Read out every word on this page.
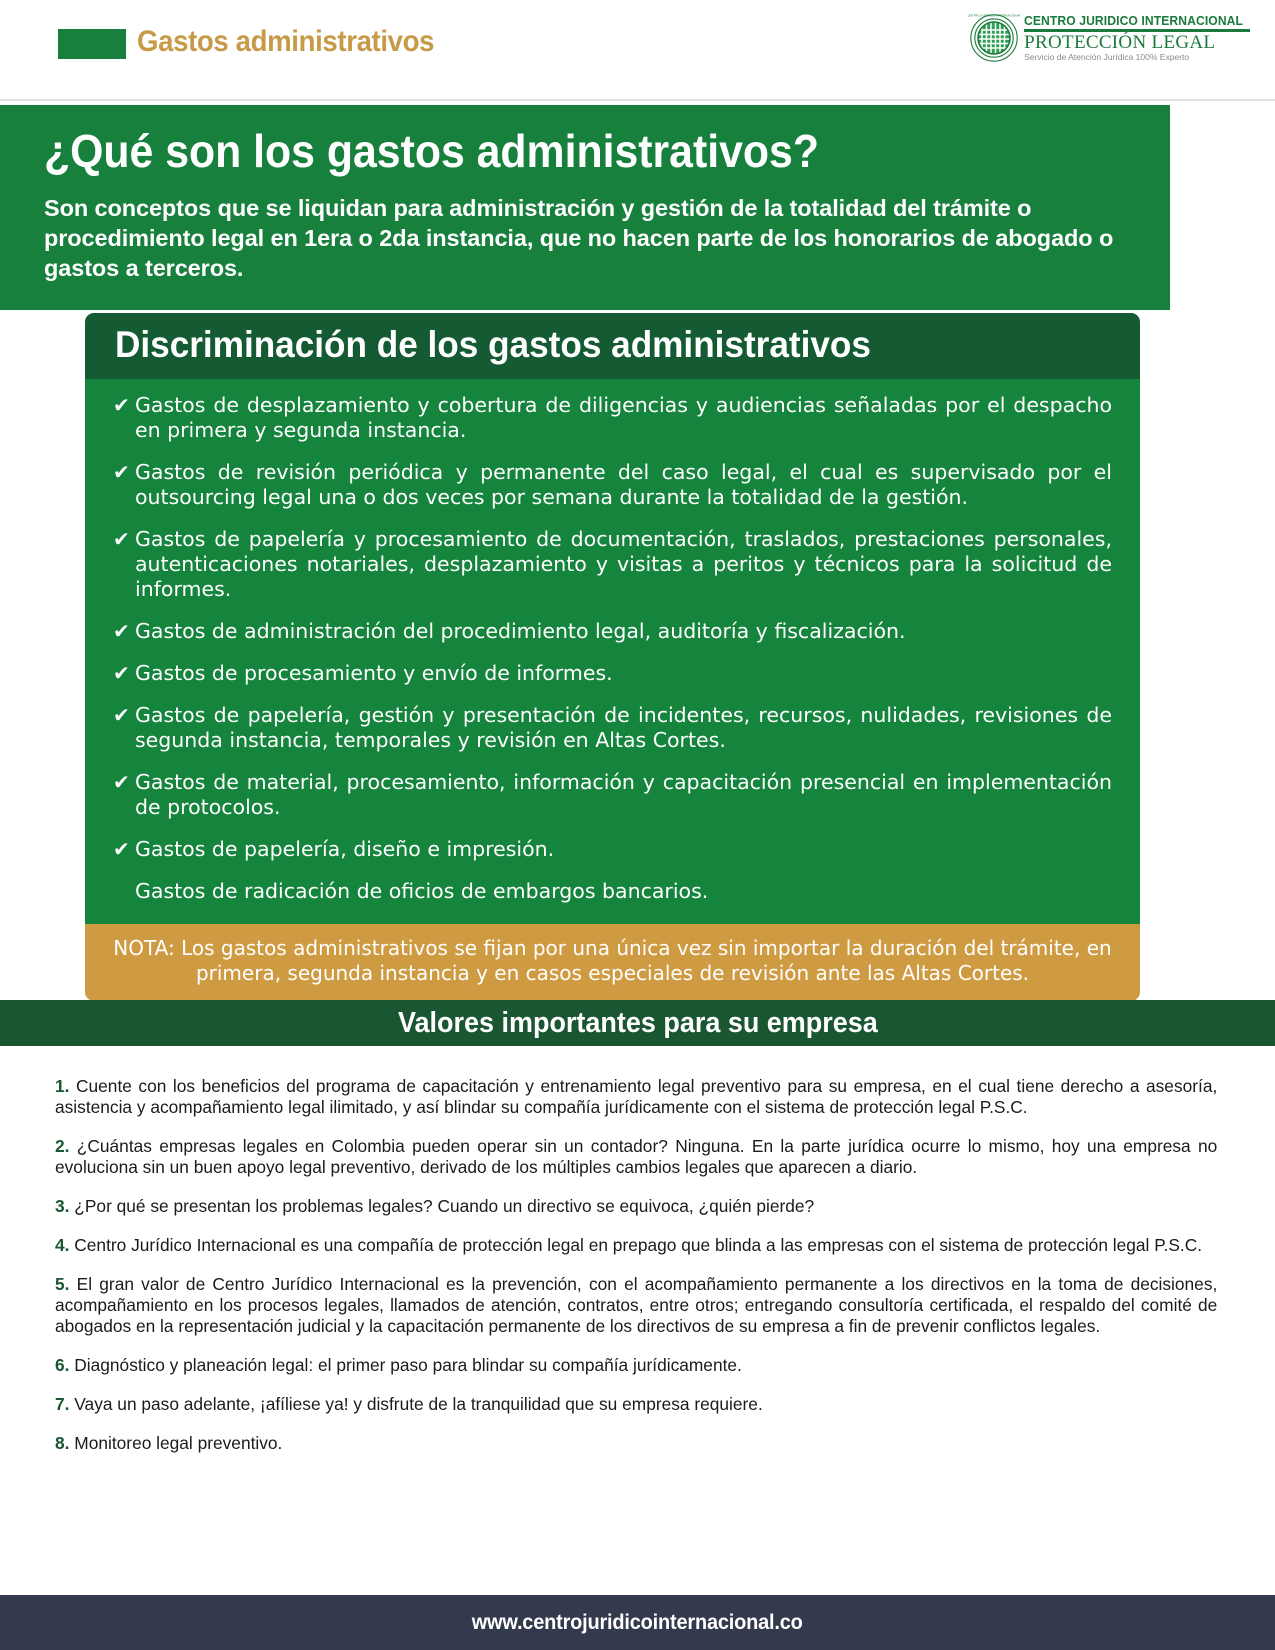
Gastos administrativos
CENTRO JURIDICO INTERNACIONAL CENTRO JURIDICO INTERNACIONAL
PROTECCIÓN LEGAL
Servicio de Atención Jurídica 100% Experto
¿Qué son los gastos administrativos?

Son conceptos que se liquidan para administración y gestión de la totalidad del trámite o procedimiento legal en 1era o 2da instancia, que no hacen parte de los honorarios de abogado o gastos a terceros.

Discriminación de los gastos administrativos
✔ Gastos de desplazamiento y cobertura de diligencias y audiencias señaladas por el despacho en primera y segunda instancia.
✔ Gastos de revisión periódica y permanente del caso legal, el cual es supervisado por el outsourcing legal una o dos veces por semana durante la totalidad de la gestión.
✔ Gastos de papelería y procesamiento de documentación, traslados, prestaciones personales, autenticaciones notariales, desplazamiento y visitas a peritos y técnicos para la solicitud de informes.
✔ Gastos de administración del procedimiento legal, auditoría y fiscalización.
✔ Gastos de procesamiento y envío de informes.
✔ Gastos de papelería, gestión y presentación de incidentes, recursos, nulidades, revisiones de segunda instancia, temporales y revisión en Altas Cortes.
✔ Gastos de material, procesamiento, información y capacitación presencial en implementación de protocolos.
✔ Gastos de papelería, diseño e impresión.
Gastos de radicación de oficios de embargos bancarios.
NOTA: Los gastos administrativos se fijan por una única vez sin importar la duración del trámite, en primera, segunda instancia y en casos especiales de revisión ante las Altas Cortes.
Valores importantes para su empresa

1. Cuente con los beneficios del programa de capacitación y entrenamiento legal preventivo para su empresa, en el cual tiene derecho a asesoría, asistencia y acompañamiento legal ilimitado, y así blindar su compañía jurídicamente con el sistema de protección legal P.S.C.

2. ¿Cuántas empresas legales en Colombia pueden operar sin un contador? Ninguna. En la parte jurídica ocurre lo mismo, hoy una empresa no evoluciona sin un buen apoyo legal preventivo, derivado de los múltiples cambios legales que aparecen a diario.

3. ¿Por qué se presentan los problemas legales? Cuando un directivo se equivoca, ¿quién pierde?

4. Centro Jurídico Internacional es una compañía de protección legal en prepago que blinda a las empresas con el sistema de protección legal P.S.C.

5. El gran valor de Centro Jurídico Internacional es la prevención, con el acompañamiento permanente a los directivos en la toma de decisiones, acompañamiento en los procesos legales, llamados de atención, contratos, entre otros; entregando consultoría certificada, el respaldo del comité de abogados en la representación judicial y la capacitación permanente de los directivos de su empresa a fin de prevenir conflictos legales.

6. Diagnóstico y planeación legal: el primer paso para blindar su compañía jurídicamente.

7. Vaya un paso adelante, ¡afíliese ya! y disfrute de la tranquilidad que su empresa requiere.

8. Monitoreo legal preventivo.

www.centrojuridicointernacional.co
